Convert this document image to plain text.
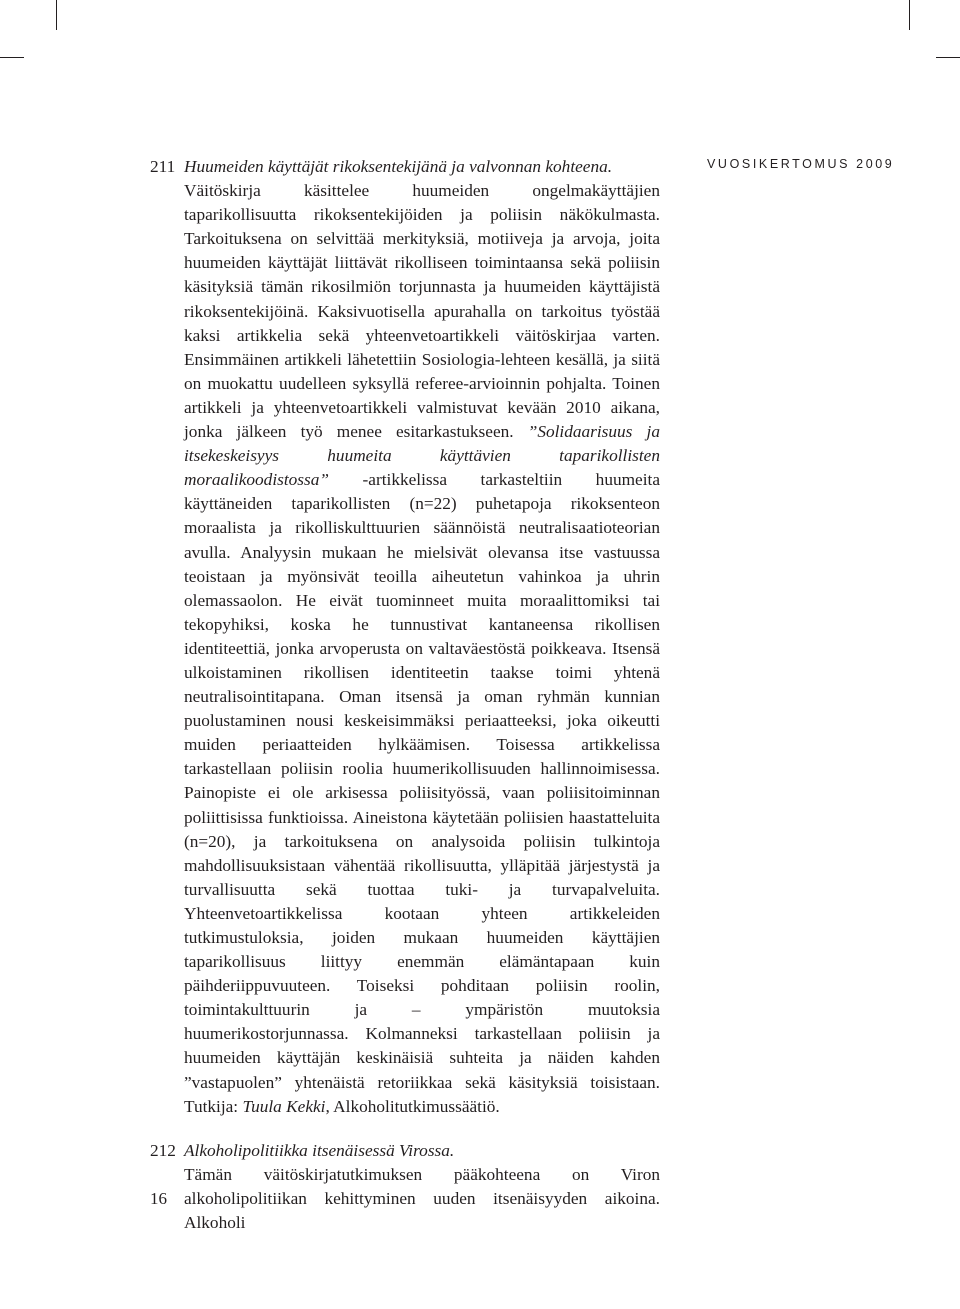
VUOSIKERTOMUS 2009
211 Huumeiden käyttäjät rikoksentekijänä ja valvonnan kohteena.
Väitöskirja käsittelee huumeiden ongelmakäyttäjien taparikollisuutta rikoksentekijöiden ja poliisin näkökulmasta. Tarkoituksena on selvittää merkityksiä, motiiveja ja arvoja, joita huumeiden käyttäjät liittävät rikolliseen toimintaansa sekä poliisin käsityksiä tämän rikosilmiön torjunnasta ja huumeiden käyttäjistä rikoksentekijöinä. Kaksivuotisella apurahalla on tarkoitus työstää kaksi artikkelia sekä yhteenvetoartikkeli väitöskirjaa varten. Ensimmäinen artikkeli lähetettiin Sosiologia-lehteen kesällä, ja siitä on muokattu uudelleen syksyllä referee-arvioinnin pohjalta. Toinen artikkeli ja yhteenvetoartikkeli valmistuvat kevään 2010 aikana, jonka jälkeen työ menee esitarkastukseen. ”Solidaarisuus ja itsekeskeisyys huumeita käyttävien taparikollisten moraalikoodistossa” -artikkelissa tarkasteltiin huumeita käyttäneiden taparikollisten (n=22) puhetapoja rikoksenteon moraalista ja rikolliskulttuurien säännöistä neutralisaatioteorian avulla. Analyysin mukaan he mielsivät olevansa itse vastuussa teoistaan ja myönsivät teoilla aiheutetun vahinkoa ja uhrin olemassaolon. He eivät tuominneet muita moraalittomiksi tai tekopyhiksi, koska he tunnustivat kantaneensa rikollisen identiteettiä, jonka arvoperusta on valtaväestöstä poikkeava. Itsensä ulkoistaminen rikollisen identiteetin taakse toimi yhtenä neutralisointitapana. Oman itsensä ja oman ryhmän kunnian puolustaminen nousi keskeisimmäksi periaatteeksi, joka oikeutti muiden periaatteiden hylkäämisen. Toisessa artikkelissa tarkastellaan poliisin roolia huumerikollisuuden hallinnoimisessa. Painopiste ei ole arkisessa poliisityössä, vaan poliisitoiminnan poliittisissa funktioissa. Aineistona käytetään poliisien haastatteluita (n=20), ja tarkoituksena on analysoida poliisin tulkintoja mahdollisuuksistaan vähentää rikollisuutta, ylläpitää järjestystä ja turvallisuutta sekä tuottaa tuki- ja turvapalveluita. Yhteenvetoartikkelissa kootaan yhteen artikkeleiden tutkimustuloksia, joiden mukaan huumeiden käyttäjien taparikollisuus liittyy enemmän elämäntapaan kuin päihderiippuvuuteen. Toiseksi pohditaan poliisin roolin, toimintakulttuurin ja – ympäristön muutoksia huumerikostorjunnassa. Kolmanneksi tarkastellaan poliisin ja huumeiden käyttäjän keskinäisiä suhteita ja näiden kahden ”vastapuolen” yhtenäistä retoriikkaa sekä käsityksiä toisistaan. Tutkija: Tuula Kekki, Alkoholitutkimussäätiö.
212 Alkoholipolitiikka itsenäisessä Virossa.
Tämän väitöskirjatutkimuksen pääkohteena on Viron alkoholipolitiikan kehittyminen uuden itsenäisyyden aikoina. Alkoholi
16
